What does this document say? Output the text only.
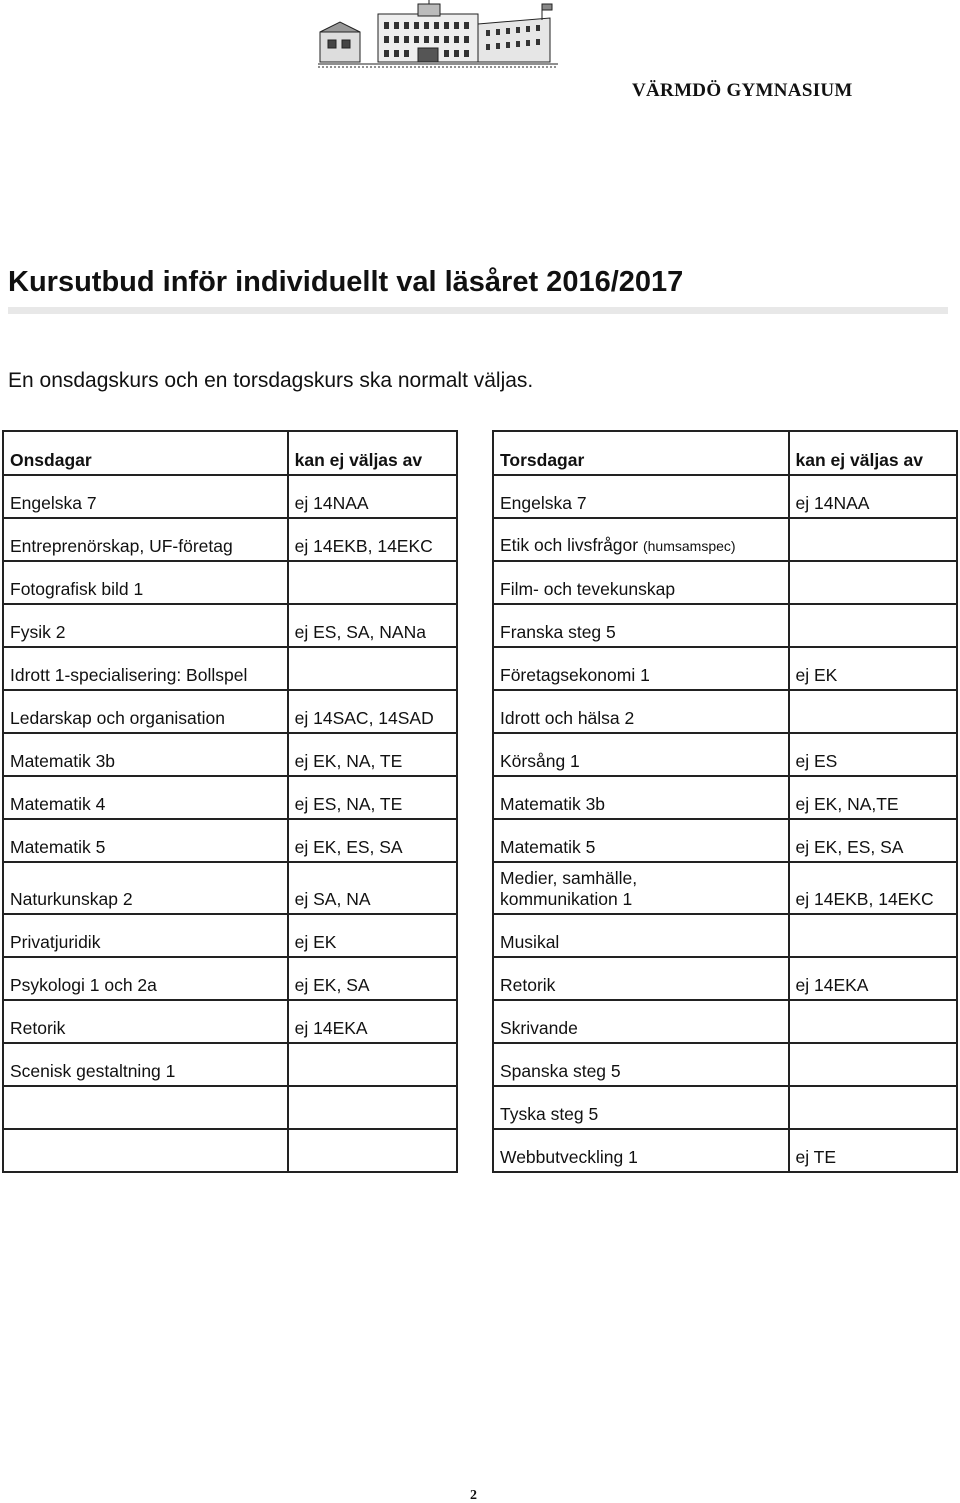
VÄRMDÖ GYMNASIUM
Kursutbud inför individuellt val läsåret 2016/2017
En onsdagskurs och en torsdagskurs ska normalt väljas.
Onsdagar	kan ej väljas av
Engelska 7	ej 14NAA
Entreprenörskap, UF-företag	ej 14EKB, 14EKC
Fotografisk bild 1	
Fysik 2	ej ES, SA, NANa
Idrott 1-specialisering: Bollspel	
Ledarskap och organisation	ej 14SAC, 14SAD
Matematik 3b	ej EK, NA, TE
Matematik 4	ej ES, NA, TE
Matematik 5	ej EK, ES, SA
Naturkunskap 2	ej SA, NA
Privatjuridik	ej EK
Psykologi 1 och 2a	ej EK, SA
Retorik	ej 14EKA
Scenisk gestaltning 1	

Torsdagar	kan ej väljas av
Engelska 7	ej 14NAA
Etik och livsfrågor (humsamspec)	
Film- och tevekunskap	
Franska steg 5	
Företagsekonomi 1	ej EK
Idrott och hälsa 2	
Körsång 1	ej ES
Matematik 3b	ej EK, NA,TE
Matematik 5	ej EK, ES, SA

Medier, samhälle,
kommunikation 1	ej 14EKB, 14EKC
Musikal	
Retorik	ej 14EKA
Skrivande	
Spanska steg 5	
Tyska steg 5	
Webbutveckling 1	ej TE
2
